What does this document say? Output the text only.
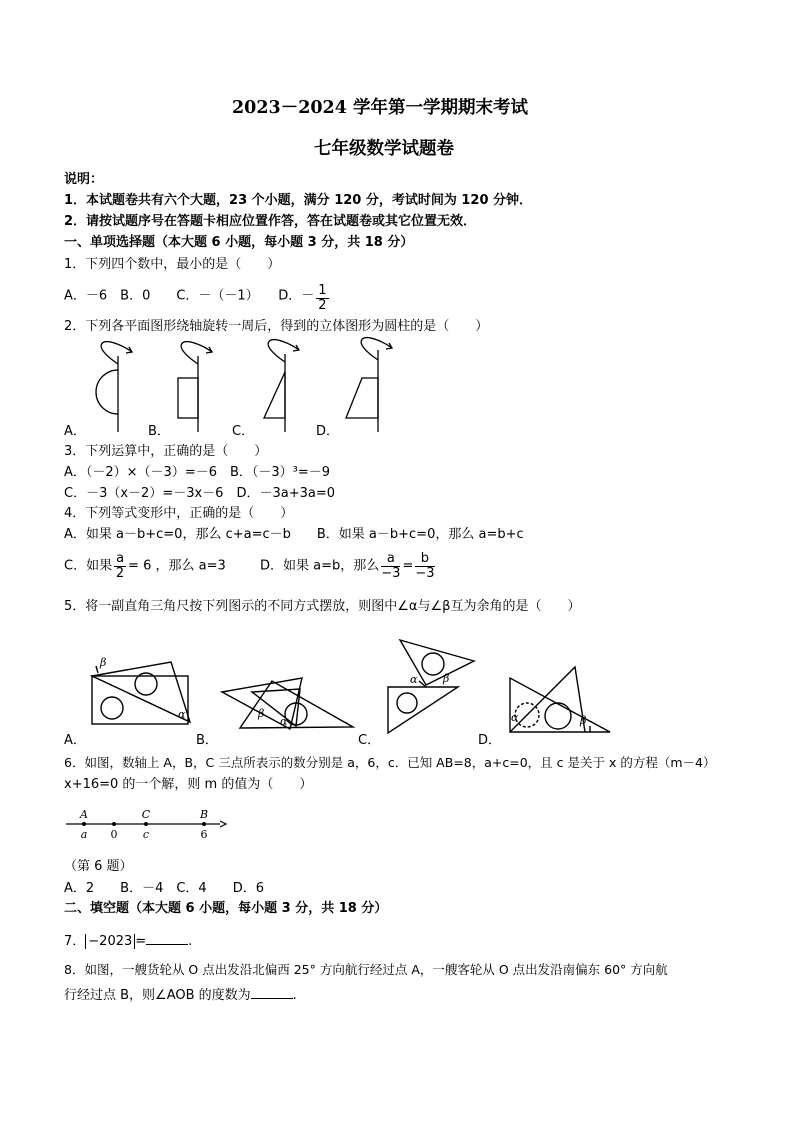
2023－2024 学年第一学期期末考试
七年级数学试题卷
说明：
1．本试题卷共有六个大题，23 个小题，满分 120 分，考试时间为 120 分钟．
2．请按试题序号在答题卡相应位置作答，答在试题卷或其它位置无效．
一、单项选择题（本大题 6 小题，每小题 3 分，共 18 分）
1．下列四个数中，最小的是（　　）
A．－6　B．0　　C．－（－1）　　D．－ $\frac{1}{2}$
2．下列各平面图形绕轴旋转一周后，得到的立体图形为圆柱的是（　　）
A．	B．	C．	D．
3．下列运算中，正确的是（　　）
A．（－2）×（－3）=－6　B．（－3）³=－9
C．－3（x－2）=－3x－6　D．－3a+3a=0
4．下列等式变形中，正确的是（　　）
A．如果 a－b+c=0，那么 c+a=c－b　　B．如果 a－b+c=0，那么 a=b+c
C．如果 $\frac{a}{2} = 6$ ，那么 a=3	D．如果 a=b，那么 $\frac{a}{-3} = \frac{b}{-3}$
5．将一副直角三角尺按下列图示的不同方式摆放，则图中∠α与∠β互为余角的是（　　）
β
α	β
α
α β
α	β
A．	B．	C．	D．
6．如图，数轴上 A，B，C 三点所表示的数分别是 a，6，c．已知 AB=8，a+c=0，且 c 是关于 x 的方程（m－4）
x+16=0 的一个解，则 m 的值为（　　）
A
a 0
C
c
B
6
（第 6 题）
A．2　　B．－4　C．4　　D．6
二、填空题（本大题 6 小题，每小题 3 分，共 18 分）
7． −2023 =	.
8．如图，一艘货轮从 O 点出发沿北偏西 25° 方向航行经过点 A，一艘客轮从 O 点出发沿南偏东 60° 方向航
行经过点 B，则∠AOB 的度数为	.
